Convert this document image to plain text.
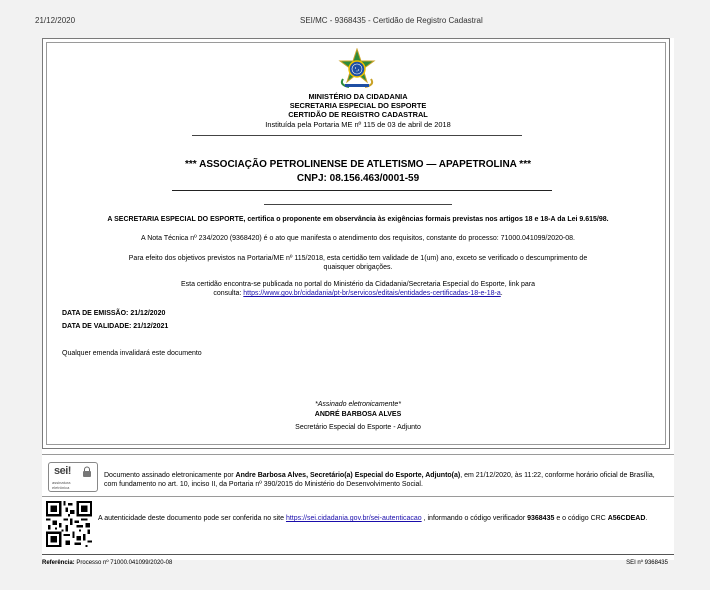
21/12/2020	SEI/MC - 9368435 - Certidão de Registro Cadastral
MINISTÉRIO DA CIDADANIA
SECRETARIA ESPECIAL DO ESPORTE
CERTIDÃO DE REGISTRO CADASTRAL
Instituída pela Portaria ME nº 115 de 03 de abril de 2018
*** ASSOCIAÇÃO PETROLINENSE DE ATLETISMO — APAPETROLINA ***
CNPJ: 08.156.463/0001-59
A SECRETARIA ESPECIAL DO ESPORTE, certifica o proponente em observância às exigências formais previstas nos artigos 18 e 18-A da Lei 9.615/98.
A Nota Técnica nº 234/2020 (9368420) é o ato que manifesta o atendimento dos requisitos, constante do processo: 71000.041099/2020-08.
Para efeito dos objetivos previstos na Portaria/ME nº 115/2018, esta certidão tem validade de 1(um) ano, exceto se verificado o descumprimento de
quaisquer obrigações.
Esta certidão encontra-se publicada no portal do Ministério da Cidadania/Secretaria Especial do Esporte, link para
consulta: https://www.gov.br/cidadania/pt-br/servicos/editais/entidades-certificadas-18-e-18-a.
DATA DE EMISSÃO: 21/12/2020
DATA DE VALIDADE: 21/12/2021
Qualquer emenda invalidará este documento
*Assinado eletronicamente*
ANDRÉ BARBOSA ALVES
Secretário Especial do Esporte - Adjunto
sei!
assinatura
eletrônica
Documento assinado eletronicamente por Andre Barbosa Alves, Secretário(a) Especial do Esporte, Adjunto(a), em 21/12/2020, às 11:22, conforme horário oficial de Brasília, com fundamento no art. 10, inciso II, da Portaria nº 390/2015 do Ministério do Desenvolvimento Social.
A autenticidade deste documento pode ser conferida no site https://sei.cidadania.gov.br/sei-autenticacao , informando o código verificador 9368435 e o código CRC A56CDEAD.
Referência: Processo nº 71000.041099/2020-08	SEI nº 9368435
